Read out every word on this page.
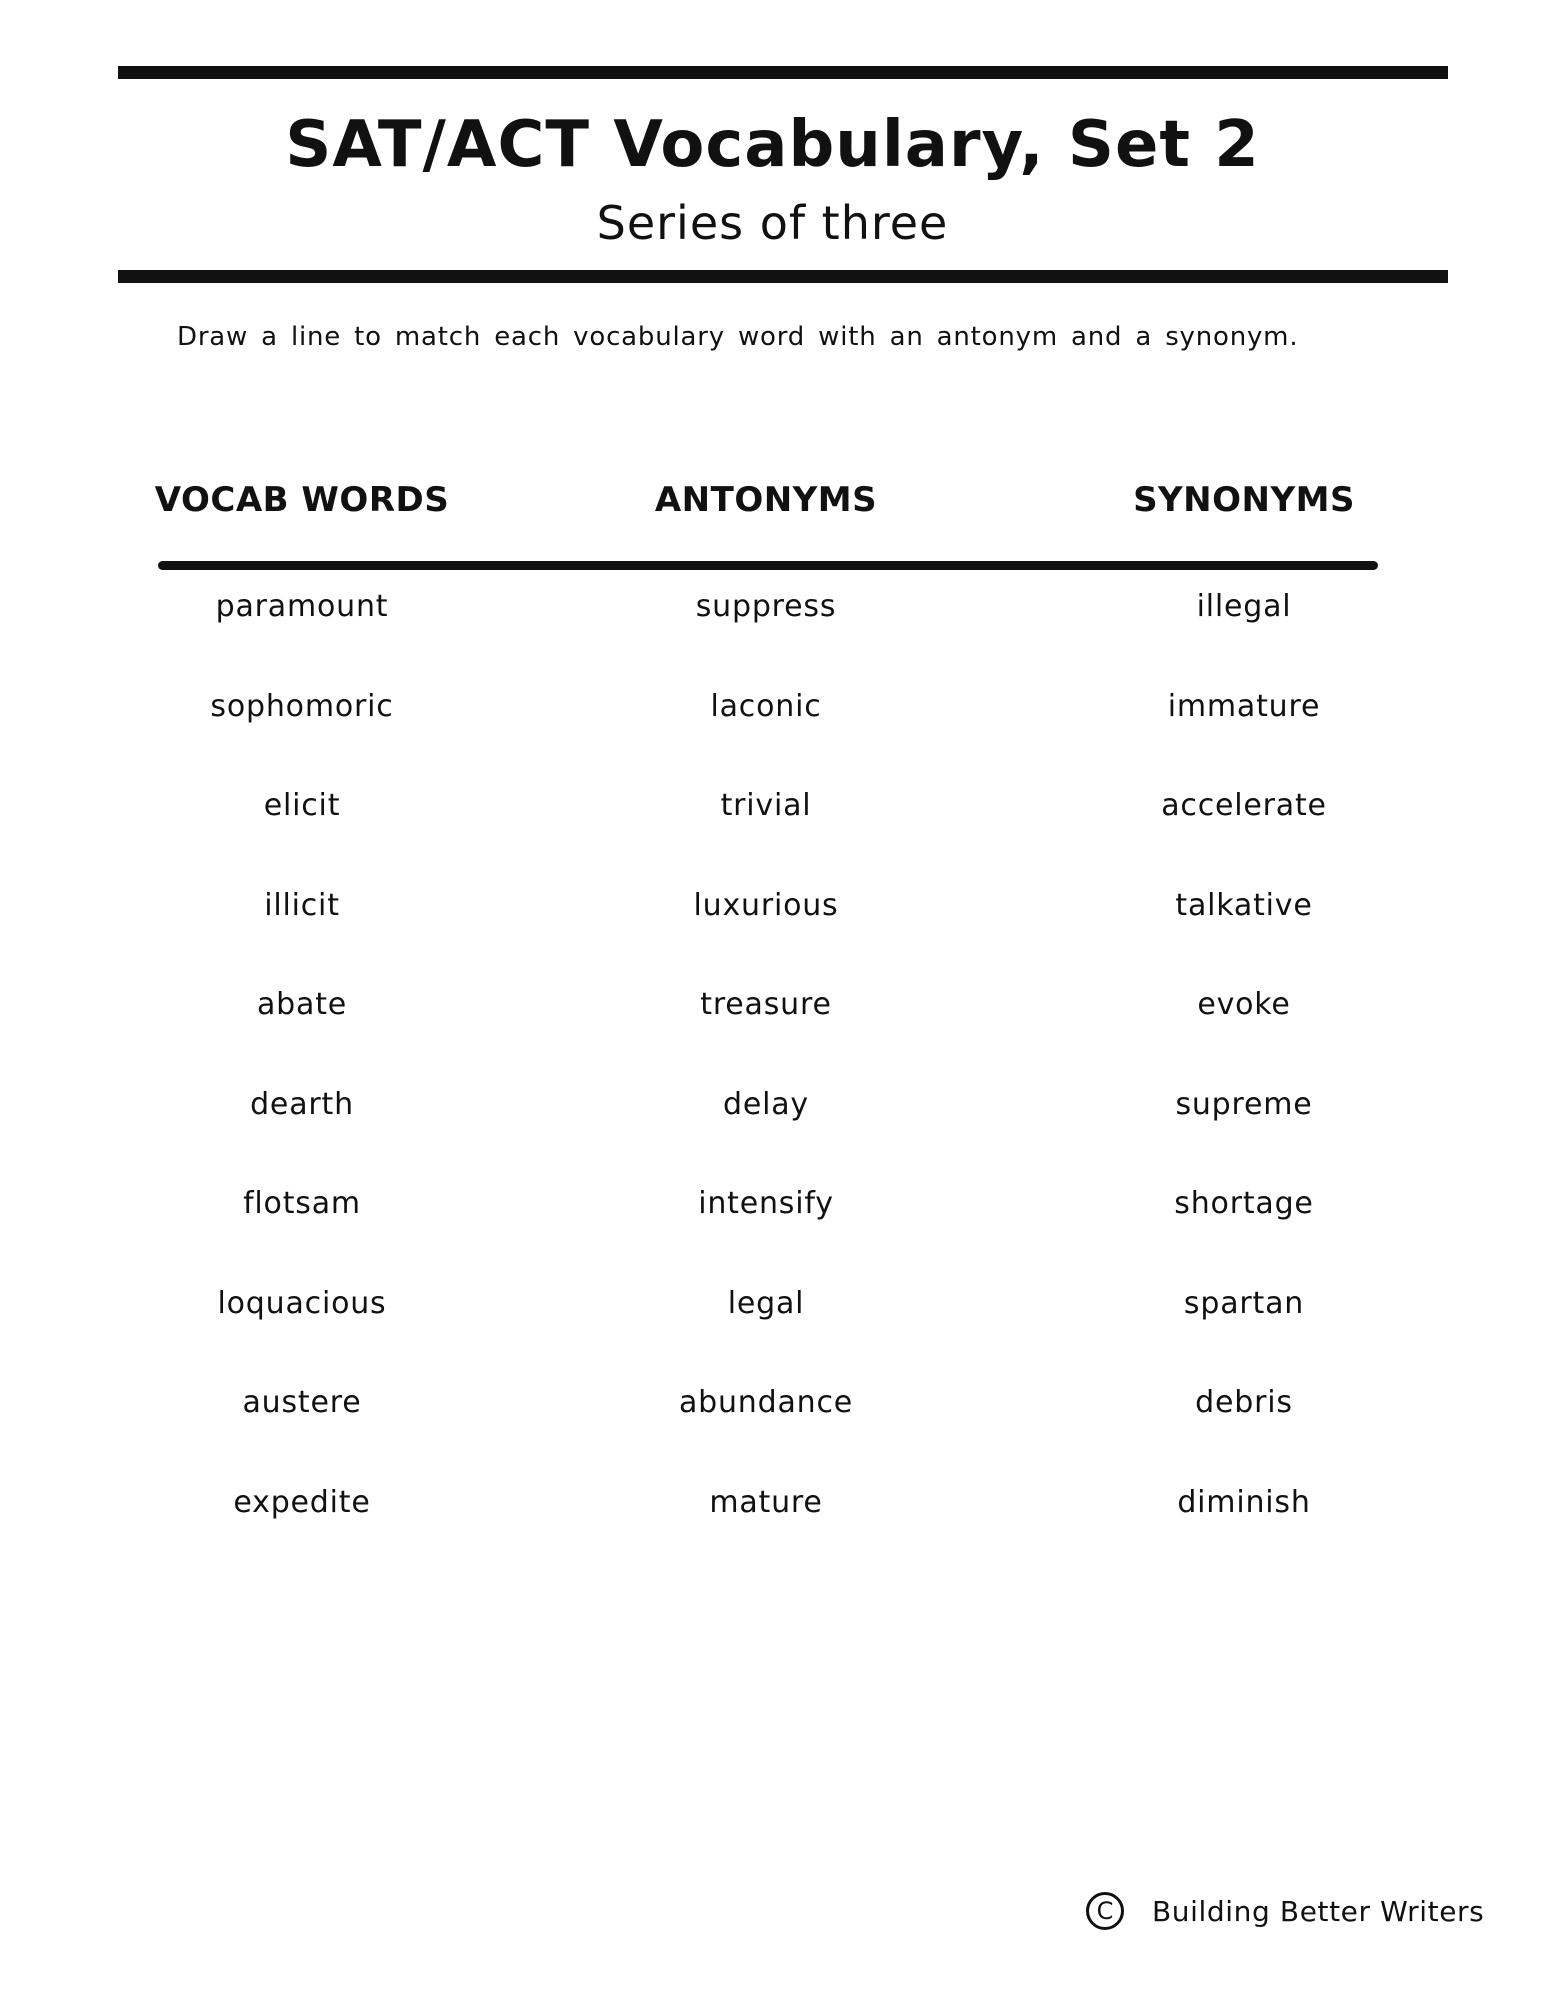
SAT/ACT Vocabulary, Set 2
Series of three
Draw a line to match each vocabulary word with an antonym and a synonym.
VOCAB WORDS
paramount
sophomoric
elicit
illicit
abate
dearth
flotsam
loquacious
austere
expedite
ANTONYMS
suppress
laconic
trivial
luxurious
treasure
delay
intensify
legal
abundance
mature
SYNONYMS
illegal
immature
accelerate
talkative
evoke
supreme
shortage
spartan
debris
diminish
C	Building Better Writers
